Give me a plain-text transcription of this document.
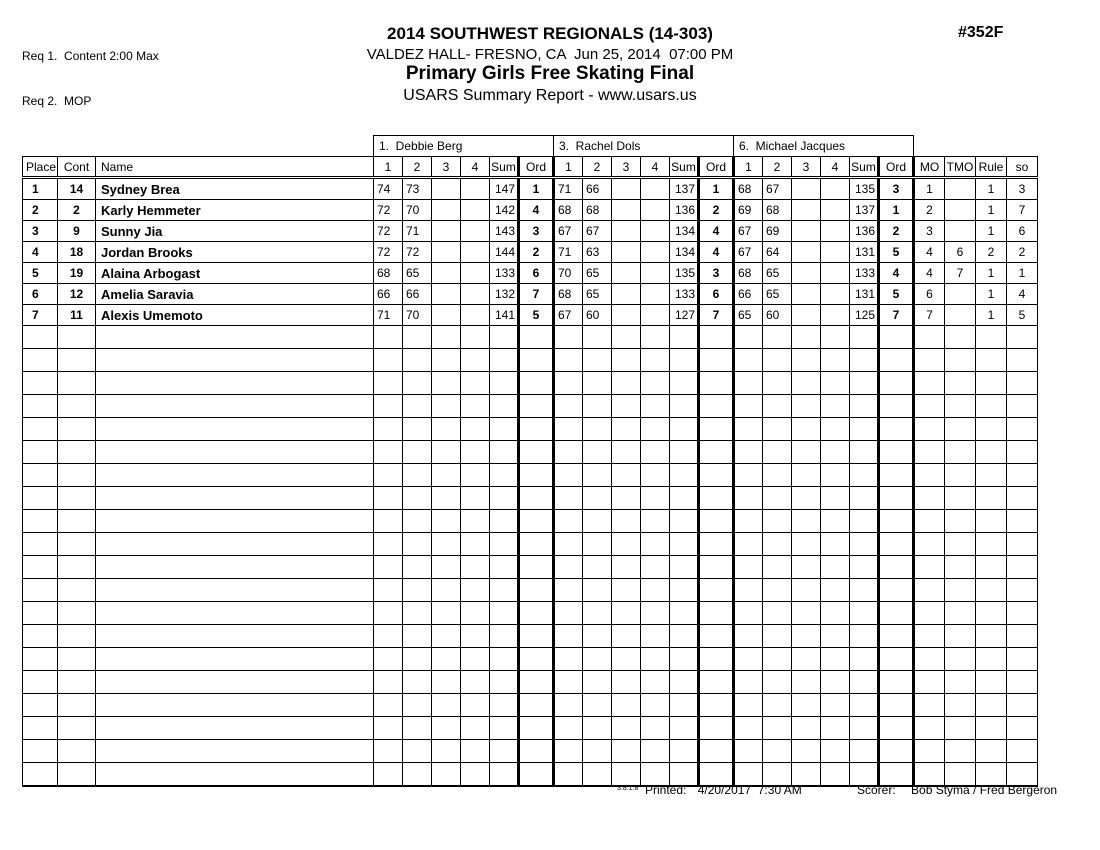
Req 1.  Content 2:00 Max

Req 2.  MOP

2014 SOUTHWEST REGIONALS (14-303)
VALDEZ HALL- FRESNO, CA  Jun 25, 2014  07:00 PM
Primary Girls Free Skating Final
USARS Summary Report - www.usars.us
#352F
			1.  Debbie Berg						3.  Rachel Dols						6.  Michael Jacques									
Place	Cont	Name	1	2	3	4	Sum	Ord	1	2	3	4	Sum	Ord	1	2	3	4	Sum	Ord	MO	TMO	Rule	so
1	14	Sydney Brea	74	73			147	1	71	66			137	1	68	67			135	3	1		1	3
2	2	Karly Hemmeter	72	70			142	4	68	68			136	2	69	68			137	1	2		1	7
3	9	Sunny Jia	72	71			143	3	67	67			134	4	67	69			136	2	3		1	6
4	18	Jordan Brooks	72	72			144	2	71	63			134	4	67	64			131	5	4	6	2	2
5	19	Alaina Arbogast	68	65			133	6	70	65			135	3	68	65			133	4	4	7	1	1
6	12	Amelia Saravia	66	66			132	7	68	65			133	6	66	65			131	5	6		1	4
7	11	Alexis Umemoto	71	70			141	5	67	60			127	7	65	60			125	7	7		1	5

3.8.1.8 Printed: 4/20/2017  7:30 AM	Scorer: Bob Styma / Fred Bergeron
